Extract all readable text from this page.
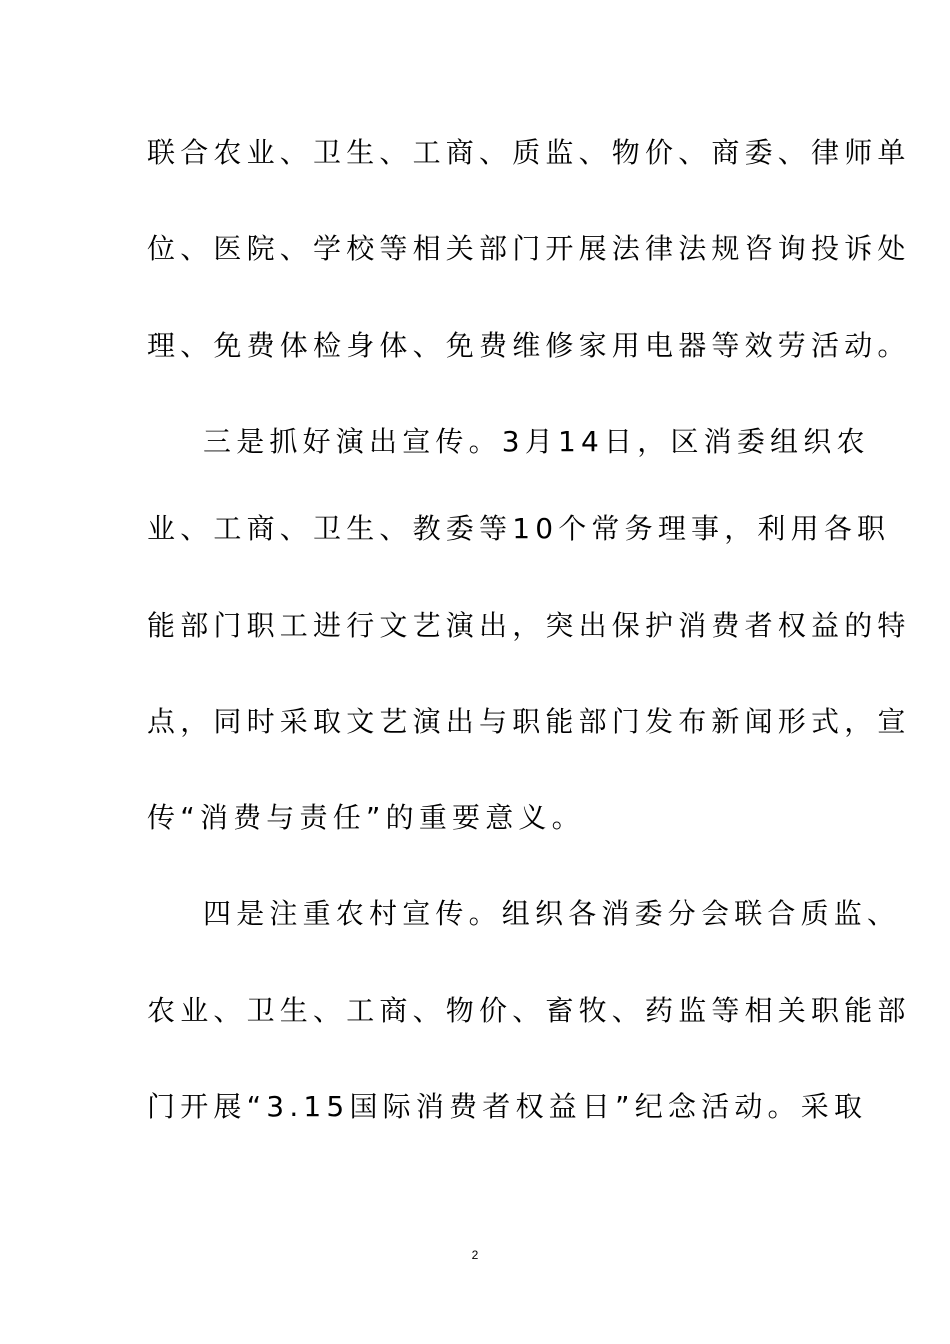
联合农业、卫生、工商、质监、物价、商委、律师单
位、医院、学校等相关部门开展法律法规咨询投诉处
理、免费体检身体、免费维修家用电器等效劳活动。
三是抓好演出宣传。3月14日，区消委组织农
业、工商、卫生、教委等10个常务理事，利用各职
能部门职工进行文艺演出，突出保护消费者权益的特
点，同时采取文艺演出与职能部门发布新闻形式，宣
传“消费与责任”的重要意义。
四是注重农村宣传。组织各消委分会联合质监、
农业、卫生、工商、物价、畜牧、药监等相关职能部
门开展“3.15国际消费者权益日”纪念活动。采取
2
